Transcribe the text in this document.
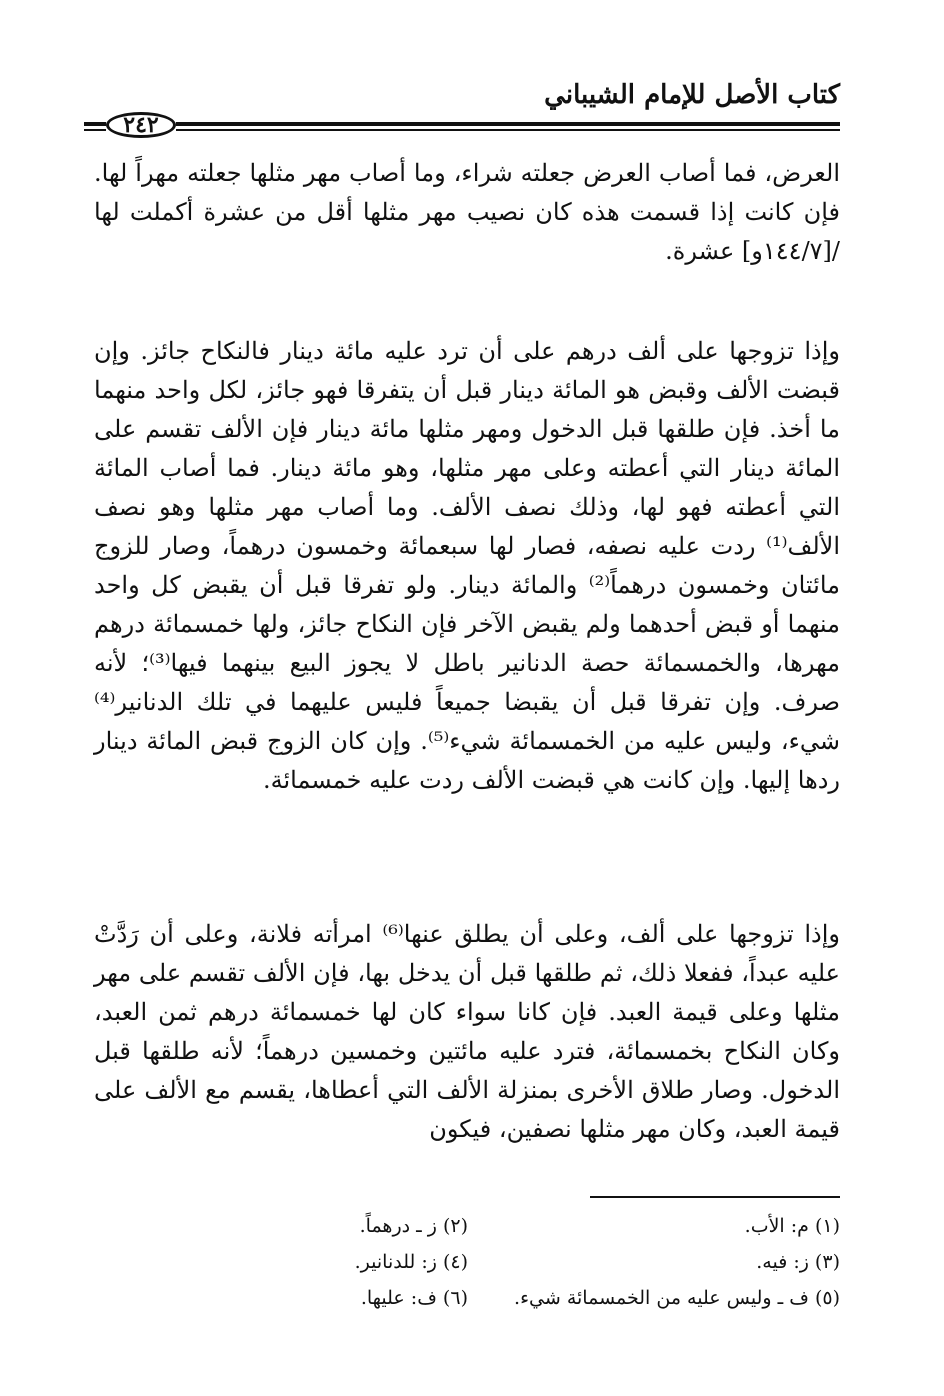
كتاب الأصل للإمام الشيباني
٢٤٢
العرض، فما أصاب العرض جعلته شراء، وما أصاب مهر مثلها جعلته مهراً لها. فإن كانت إذا قسمت هذه كان نصيب مهر مثلها أقل من عشرة أكملت لها /[١٤٤/٧و] عشرة.
وإذا تزوجها على ألف درهم على أن ترد عليه مائة دينار فالنكاح جائز. وإن قبضت الألف وقبض هو المائة دينار قبل أن يتفرقا فهو جائز، لكل واحد منهما ما أخذ. فإن طلقها قبل الدخول ومهر مثلها مائة دينار فإن الألف تقسم على المائة دينار التي أعطته وعلى مهر مثلها، وهو مائة دينار. فما أصاب المائة التي أعطته فهو لها، وذلك نصف الألف. وما أصاب مهر مثلها وهو نصف الألف⁽¹⁾ ردت عليه نصفه، فصار لها سبعمائة وخمسون درهماً، وصار للزوج مائتان وخمسون درهماً⁽²⁾ والمائة دينار. ولو تفرقا قبل أن يقبض كل واحد منهما أو قبض أحدهما ولم يقبض الآخر فإن النكاح جائز، ولها خمسمائة درهم مهرها، والخمسمائة حصة الدنانير باطل لا يجوز البيع بينهما فيها⁽³⁾؛ لأنه صرف. وإن تفرقا قبل أن يقبضا جميعاً فليس عليهما في تلك الدنانير⁽⁴⁾ شيء، وليس عليه من الخمسمائة شيء⁽⁵⁾. وإن كان الزوج قبض المائة دينار ردها إليها. وإن كانت هي قبضت الألف ردت عليه خمسمائة.
وإذا تزوجها على ألف، وعلى أن يطلق عنها⁽⁶⁾ امرأته فلانة، وعلى أن رَدَّتْ عليه عبداً، ففعلا ذلك، ثم طلقها قبل أن يدخل بها، فإن الألف تقسم على مهر مثلها وعلى قيمة العبد. فإن كانا سواء كان لها خمسمائة درهم ثمن العبد، وكان النكاح بخمسمائة، فترد عليه مائتين وخمسين درهماً؛ لأنه طلقها قبل الدخول. وصار طلاق الأخرى بمنزلة الألف التي أعطاها، يقسم مع الألف على قيمة العبد، وكان مهر مثلها نصفين، فيكون
(١) م: الأب.
(٢) ز ـ درهماً.
(٣) ز: فيه.
(٤) ز: للدنانير.
(٥) ف ـ وليس عليه من الخمسمائة شيء.
(٦) ف: عليها.
